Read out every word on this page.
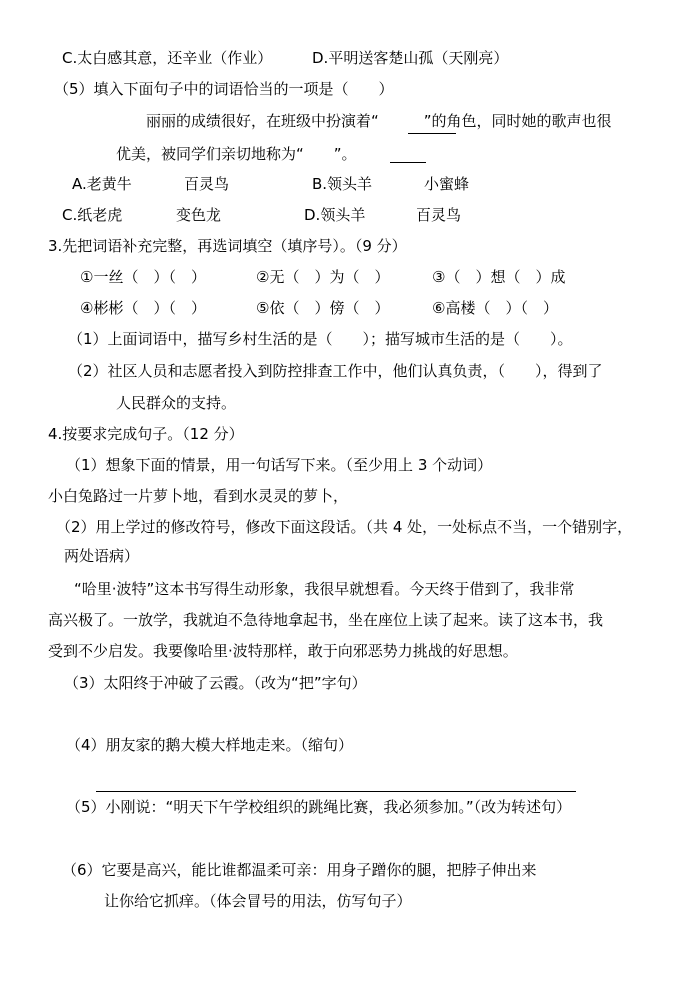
C.太白感其意，还辛业（作业）	D.平明送客楚山孤（天刚亮）
（5）填入下面句子中的词语恰当的一项是（　　）
丽丽的成绩很好，在班级中扮演着“　　　”的角色，同时她的歌声也很
优美，被同学们亲切地称为“　　”。
A.老黄牛	百灵鸟	B.领头羊	小蜜蜂
C.纸老虎	变色龙	D.领头羊	百灵鸟
3.先把词语补充完整，再选词填空（填序号）。（9 分）
①一丝（　）（　）	②无（　）为（　）	③（　）想（　）成
④彬彬（　）（　）	⑤依（　）傍（　）	⑥高楼（　）（　）
（1）上面词语中，描写乡村生活的是（　　）；描写城市生活的是（　　）。
（2）社区人员和志愿者投入到防控排查工作中，他们认真负责，（　　），得到了
人民群众的支持。
4.按要求完成句子。（12 分）
（1）想象下面的情景，用一句话写下来。（至少用上 3 个动词）
小白兔路过一片萝卜地，看到水灵灵的萝卜，
（2）用上学过的修改符号，修改下面这段话。（共 4 处，一处标点不当，一个错别字，
两处语病）
“哈里·波特”这本书写得生动形象，我很早就想看。今天终于借到了，我非常
高兴极了。一放学，我就迫不急待地拿起书，坐在座位上读了起来。读了这本书，我
受到不少启发。我要像哈里·波特那样，敢于向邪恶势力挑战的好思想。
（3）太阳终于冲破了云霞。（改为“把”字句）
（4）朋友家的鹅大模大样地走来。（缩句）
（5）小刚说：“明天下午学校组织的跳绳比赛，我必须参加。”（改为转述句）
（6）它要是高兴，能比谁都温柔可亲：用身子蹭你的腿，把脖子伸出来
让你给它抓痒。（体会冒号的用法，仿写句子）
